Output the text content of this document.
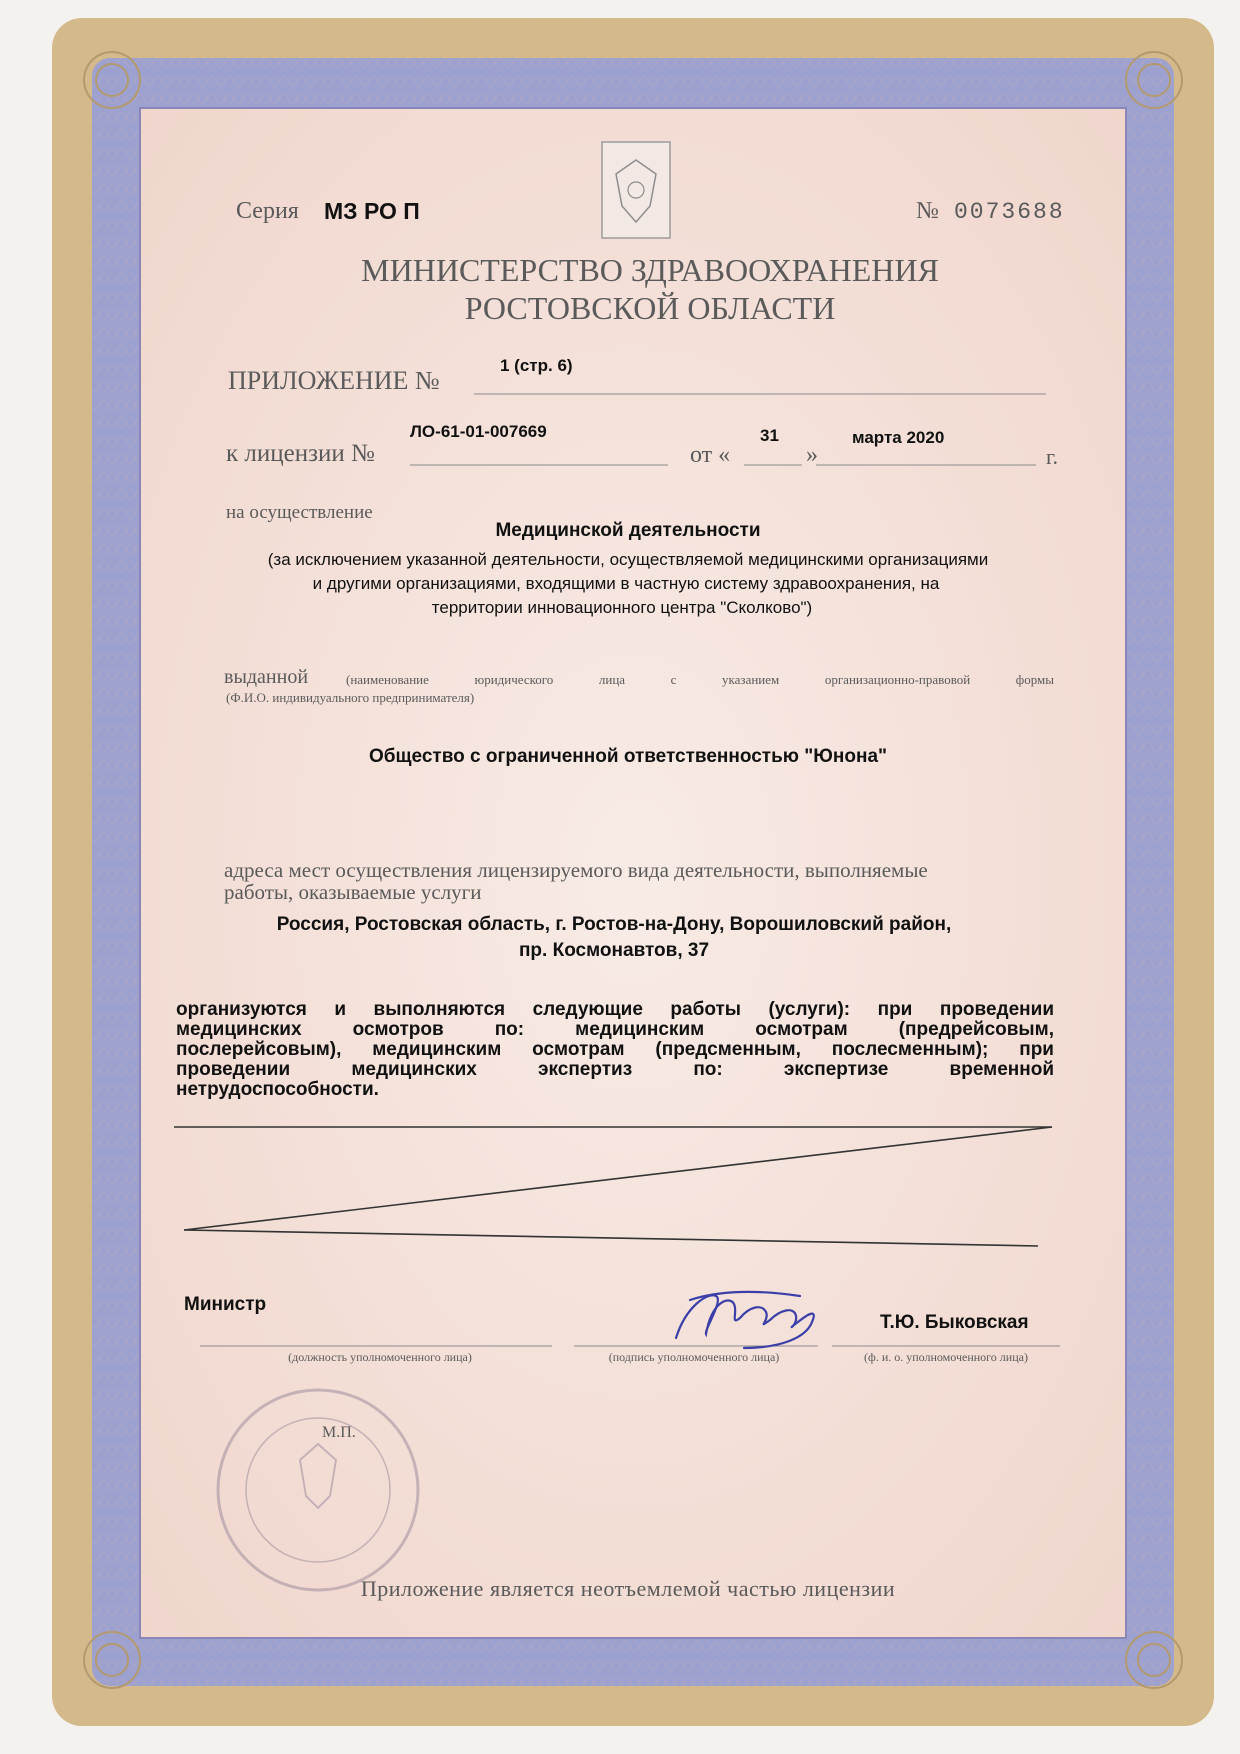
Серия МЗ РО П	№ 0073688
МИНИСТЕРСТВО ЗДРАВООХРАНЕНИЯ
РОСТОВСКОЙ ОБЛАСТИ
ПРИЛОЖЕНИЕ №
1 (стр. 6)
к лицензии №
ЛО-61-01-007669
от «
31
»
марта 2020
г.
на осуществление
Медицинской деятельности
(за исключением указанной деятельности, осуществляемой медицинскими организациями
и другими организациями, входящими в частную систему здравоохранения, на
территории инновационного центра "Сколково")
выданной	(наименование юридического лица с указанием организационно-правовой формы
(Ф.И.О. индивидуального предпринимателя)
Общество с ограниченной ответственностью "Юнона"
адреса мест осуществления лицензируемого вида деятельности, выполняемые
работы, оказываемые услуги
Россия, Ростовская область, г. Ростов-на-Дону, Ворошиловский район,
пр. Космонавтов, 37
организуются и выполняются следующие работы (услуги): при проведении
медицинских осмотров по: медицинским осмотрам (предрейсовым,
послерейсовым), медицинским осмотрам (предсменным, послесменным); при
проведении медицинских экспертиз по: экспертизе временной
нетрудоспособности.
Министр
(должность уполномоченного лица)	(подпись уполномоченного лица)
Т.Ю. Быковская
(ф. и. о. уполномоченного лица)
М.П.
Приложение является неотъемлемой частью лицензии
